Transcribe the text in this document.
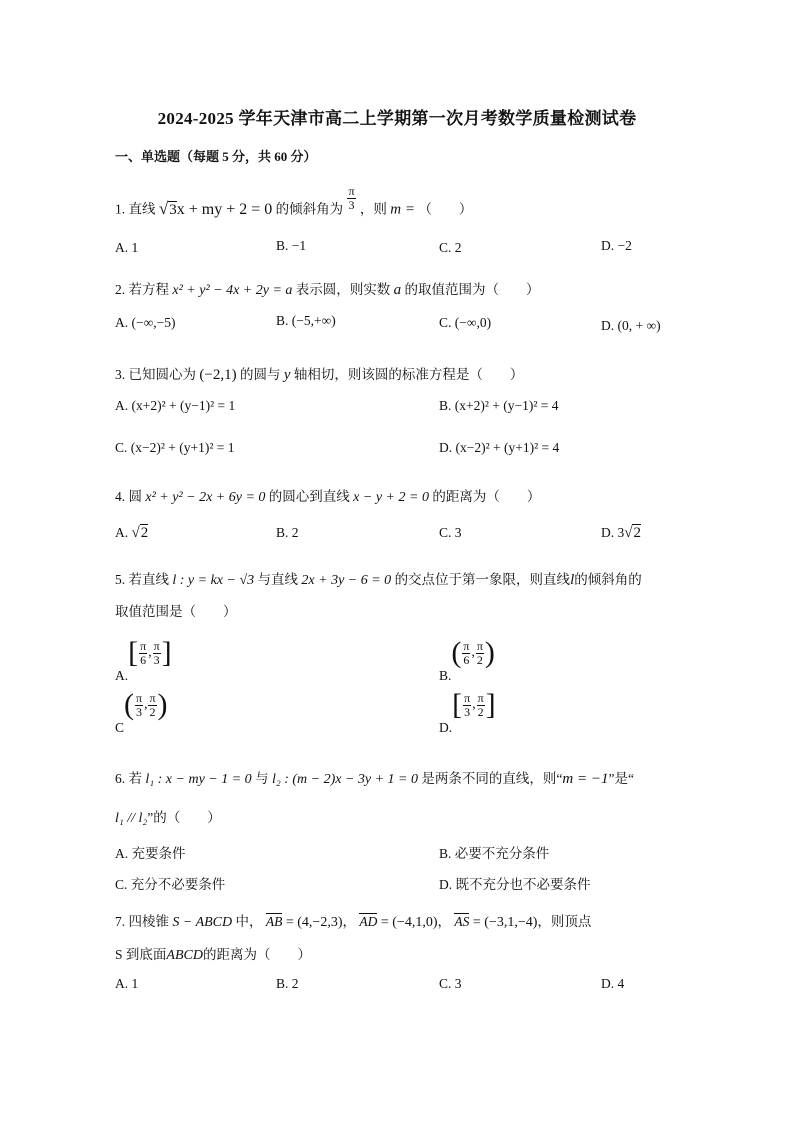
2024-2025 学年天津市高二上学期第一次月考数学质量检测试卷
一、单选题（每题 5 分，共 60 分）
1. 直线 √3x + my + 2 = 0 的倾斜角为 $\frac{\pi}{3}$ ，则 m = （　　）
A. 1	B. −1	C. 2	D. −2
2. 若方程 x² + y² − 4x + 2y = a 表示圆，则实数 a 的取值范围为（　　）
A. (−∞,−5)	B. (−5,+∞)	C. (−∞,0)	D. (0, + ∞)
3. 已知圆心为 (−2,1) 的圆与 y 轴相切，则该圆的标准方程是（　　）
A. (x+2)² + (y−1)² = 1	B. (x+2)² + (y−1)² = 4
C. (x−2)² + (y+1)² = 1	D. (x−2)² + (y+1)² = 4
4. 圆 x² + y² − 2x + 6y = 0 的圆心到直线 x − y + 2 = 0 的距离为（　　）
A. √2	B. 2	C. 3	D. 3√2
5. 若直线 l : y = kx − √3 与直线 2x + 3y − 6 = 0 的交点位于第一象限，则直线l的倾斜角的
取值范围是（　　）
$A.[ \frac{\pi}{6}$ , $\frac{\pi}{3}$ ]
$B.( \frac{\pi}{6}$ , $\frac{\pi}{2}$ )
$C( \frac{\pi}{3}$ , $\frac{\pi}{2}$ )
$D.[ \frac{\pi}{3}$ , $\frac{\pi}{2}$ ]
6. 若 l₁ : x − my − 1 = 0 与 l₂ : (m − 2)x − 3y + 1 = 0 是两条不同的直线，则“m = −1”是“
l₁ // l₂”的（　　）
A. 充要条件	B. 必要不充分条件
C. 充分不必要条件	D. 既不充分也不必要条件
7. 四棱锥 S − ABCD 中， AB = (4,−2,3)， AD = (−4,1,0)， AS = (−3,1,−4)，则顶点
S 到底面ABCD的距离为（　　）
A. 1	B. 2	C. 3	D. 4
